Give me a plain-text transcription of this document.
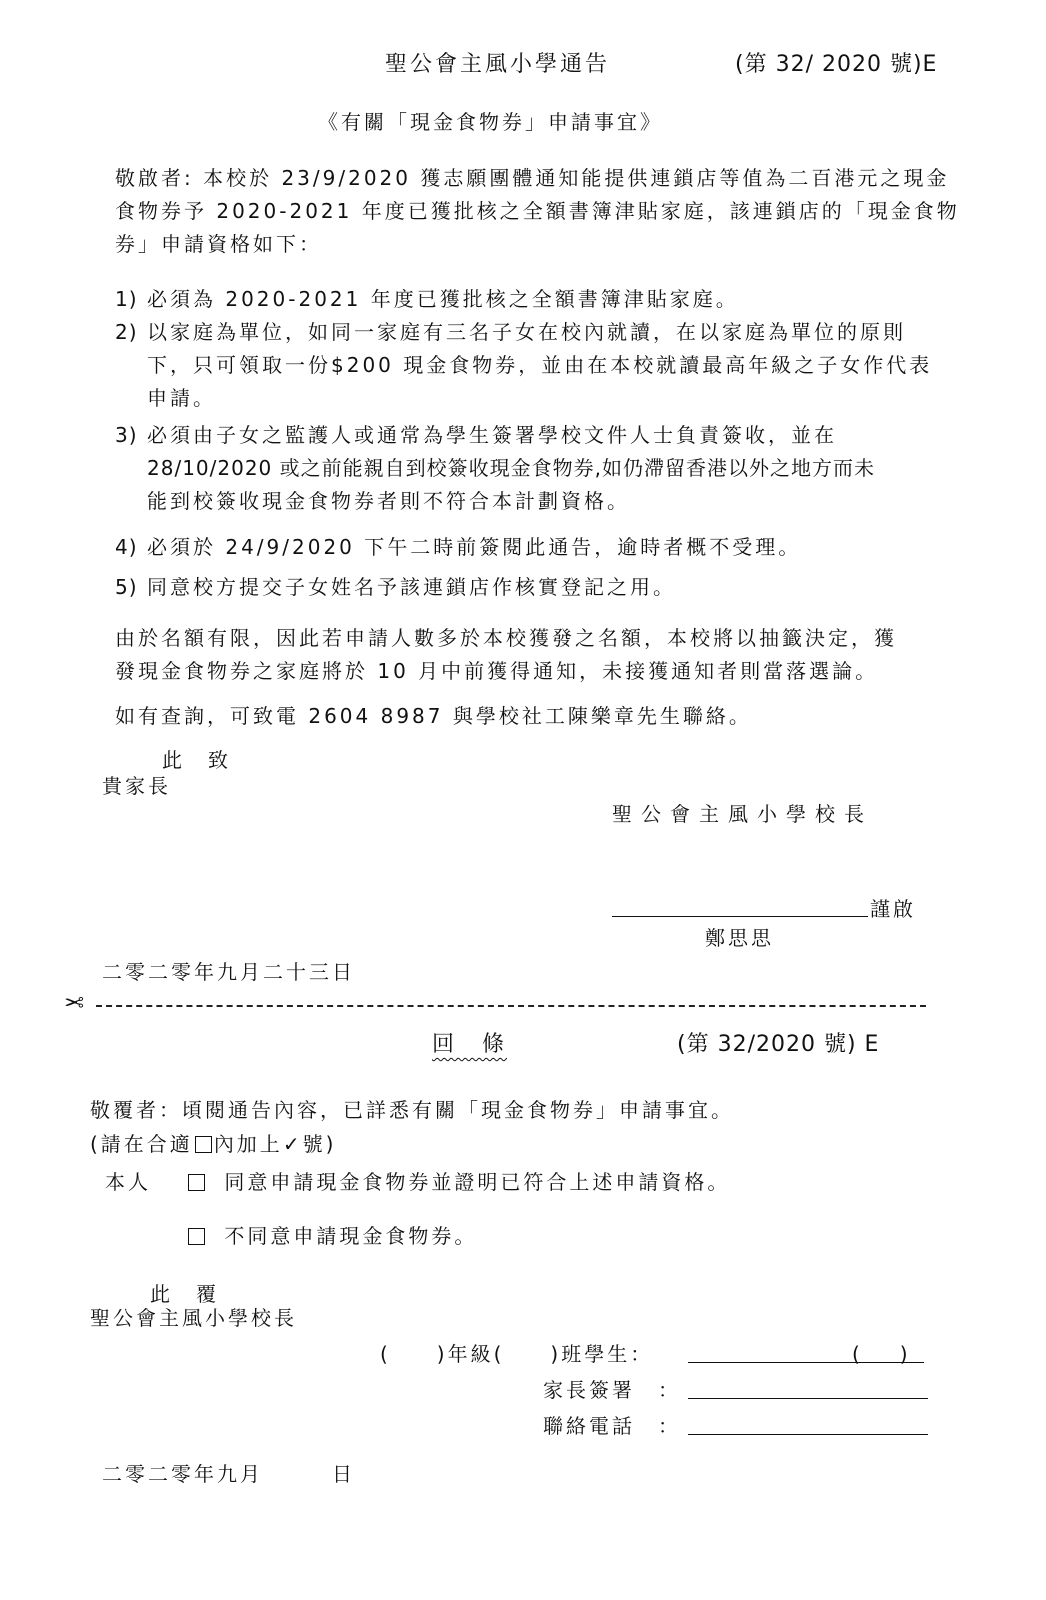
聖公會主風小學通告	(第 32/ 2020 號)E
《有關「現金食物券」申請事宜》
敬啟者: 本校於 23/9/2020 獲志願團體通知能提供連鎖店等值為二百港元之現金
食物券予 2020-2021 年度已獲批核之全額書簿津貼家庭，該連鎖店的「現金食物
券」申請資格如下：
1) 必須為 2020-2021 年度已獲批核之全額書簿津貼家庭。
2) 以家庭為單位，如同一家庭有三名子女在校內就讀，在以家庭為單位的原則
下，只可領取一份$200 現金食物券，並由在本校就讀最高年級之子女作代表
申請。
3) 必須由子女之監護人或通常為學生簽署學校文件人士負責簽收，並在
28/10/2020 或之前能親自到校簽收現金食物券,如仍滯留香港以外之地方而未
能到校簽收現金食物券者則不符合本計劃資格。
4) 必須於 24/9/2020 下午二時前簽閱此通告，逾時者概不受理。
5) 同意校方提交子女姓名予該連鎖店作核實登記之用。
由於名額有限，因此若申請人數多於本校獲發之名額，本校將以抽籤決定，獲
發現金食物券之家庭將於 10 月中前獲得通知，未接獲通知者則當落選論。
如有查詢，可致電 2604 8987 與學校社工陳樂章先生聯絡。
此　致
貴家長
聖公會主風小學校長
謹啟
鄭思思
二零二零年九月二十三日
✂
回　條	(第 32/2020 號) E
敬覆者：頃閱通告內容，已詳悉有關「現金食物券」申請事宜。
(請在合適 內加上✓號)
本人	同意申請現金食物券並證明已符合上述申請資格。
不同意申請現金食物券。
此　覆
聖公會主風小學校長
(　　)年級(　　)班學生：	(　　)
家長簽署　：
聯絡電話　：
二零二零年九月　　　日
